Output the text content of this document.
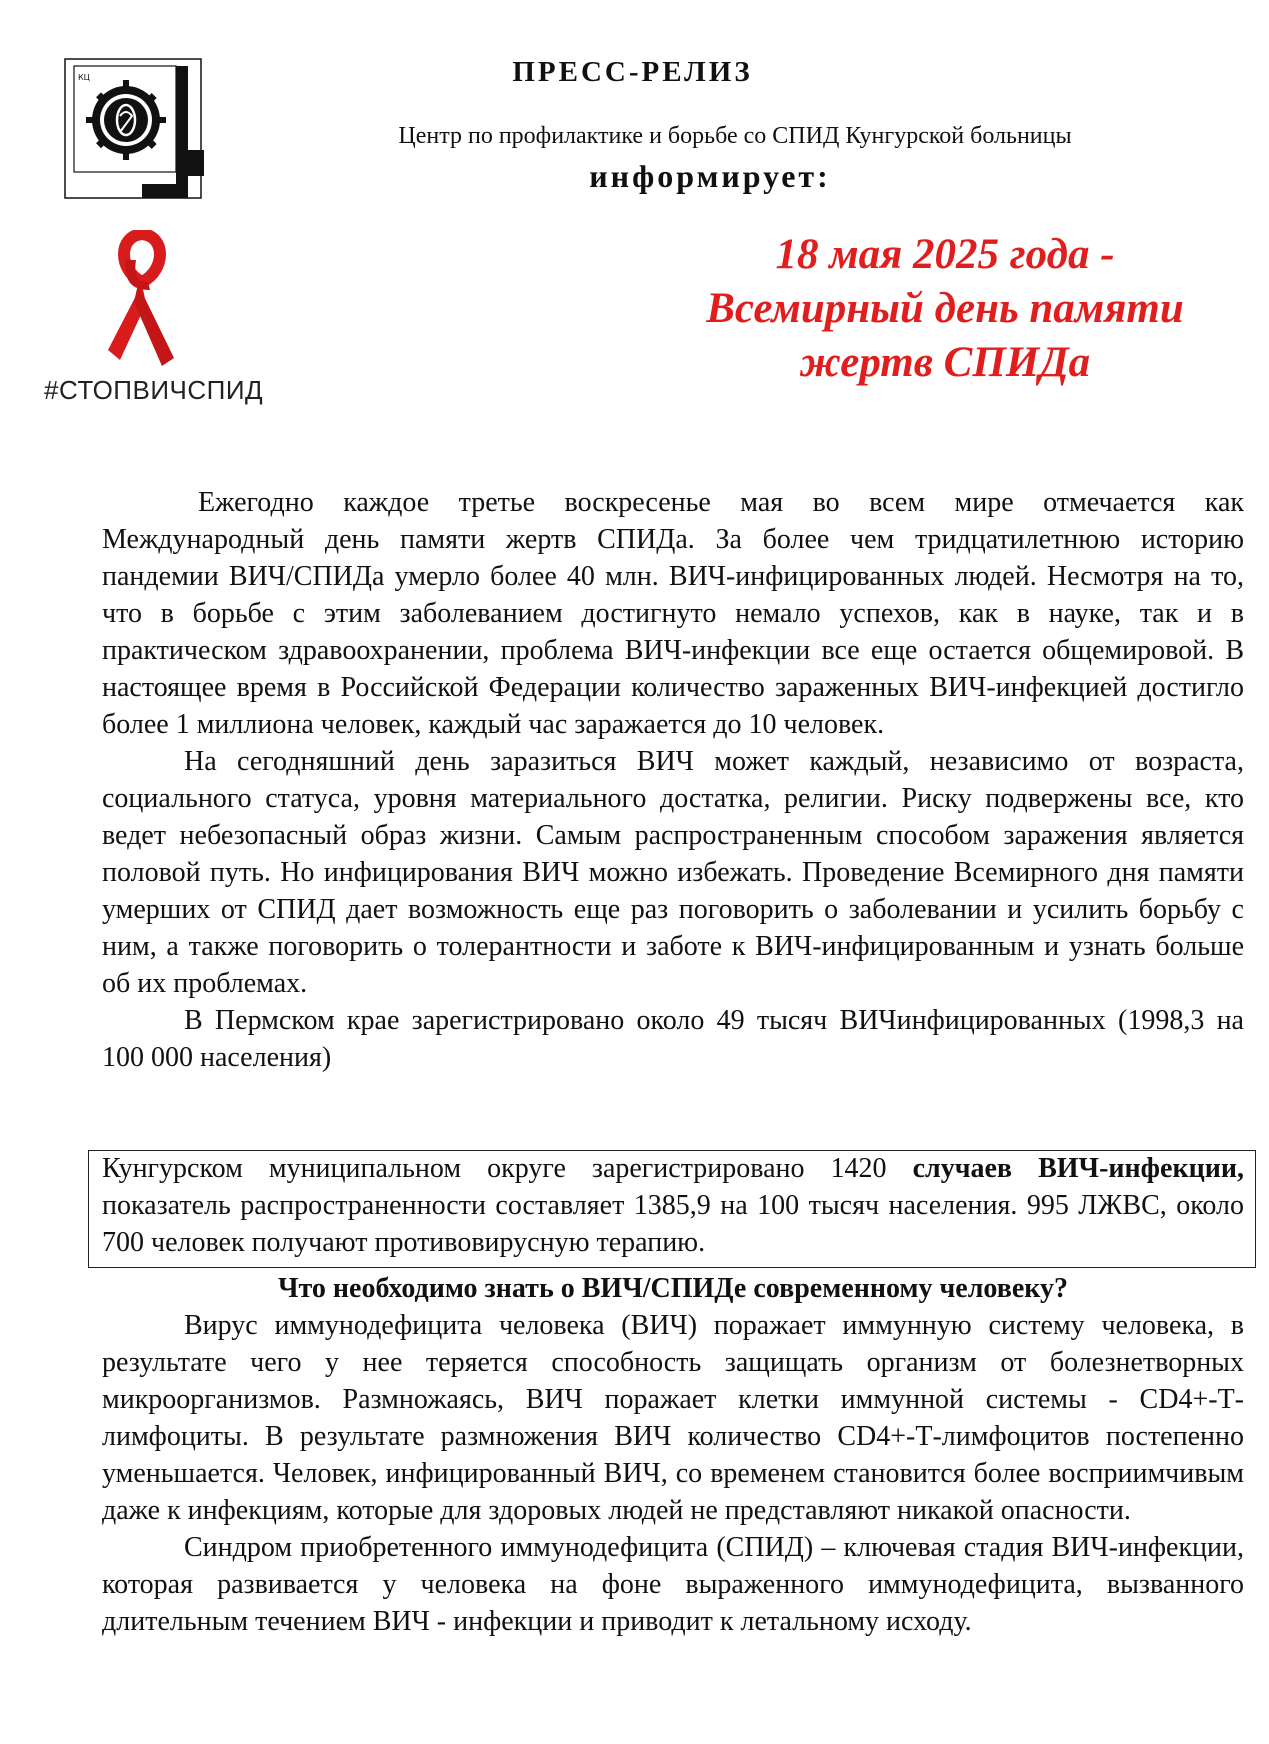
КЦ	ПРЕСС-РЕЛИЗ
Центр по профилактике и борьбе со СПИД Кунгурской больницы
информирует:
#СТОПВИЧСПИД
18 мая 2025 года -
Всемирный день памяти
жертв СПИДа

Ежегодно каждое третье воскресенье мая во всем мире отмечается как Международный день памяти жертв СПИДа. За более чем тридцатилетнюю историю пандемии ВИЧ/СПИДа умерло более 40 млн. ВИЧ-инфицированных людей. Несмотря на то, что в борьбе с этим заболеванием достигнуто немало успехов, как в науке, так и в практическом здравоохранении, проблема ВИЧ-инфекции все еще остается общемировой. В настоящее время в Российской Федерации количество зараженных ВИЧ-инфекцией достигло более 1 миллиона человек, каждый час заражается до 10 человек.

На сегодняшний день заразиться ВИЧ может каждый, независимо от возраста, социального статуса, уровня материального достатка, религии. Риску подвержены все, кто ведет небезопасный образ жизни. Самым распространенным способом заражения является половой путь. Но инфицирования ВИЧ можно избежать. Проведение Всемирного дня памяти умерших от СПИД дает возможность еще раз поговорить о заболевании и усилить борьбу с ним, а также поговорить о толерантности и заботе к ВИЧ-инфицированным и узнать больше об их проблемах.

В Пермском крае зарегистрировано около 49 тысяч ВИЧинфицированных (1998,3 на 100 000 населения)

Кунгурском муниципальном округе зарегистрировано 1420 случаев ВИЧ-инфекции, показатель распространенности составляет 1385,9 на 100 тысяч населения. 995 ЛЖВС, около 700 человек получают противовирусную терапию.
Что необходимо знать о ВИЧ/СПИДе современному человеку?

Вирус иммунодефицита человека (ВИЧ) поражает иммунную систему человека, в результате чего у нее теряется способность защищать организм от болезнетворных микроорганизмов. Размножаясь, ВИЧ поражает клетки иммунной системы - CD4+-Т-лимфоциты. В результате размножения ВИЧ количество CD4+-Т-лимфоцитов постепенно уменьшается. Человек, инфицированный ВИЧ, со временем становится более восприимчивым даже к инфекциям, которые для здоровых людей не представляют никакой опасности.

Синдром приобретенного иммунодефицита (СПИД) – ключевая стадия ВИЧ-инфекции, которая развивается у человека на фоне выраженного иммунодефицита, вызванного длительным течением ВИЧ - инфекции и приводит к летальному исходу.
